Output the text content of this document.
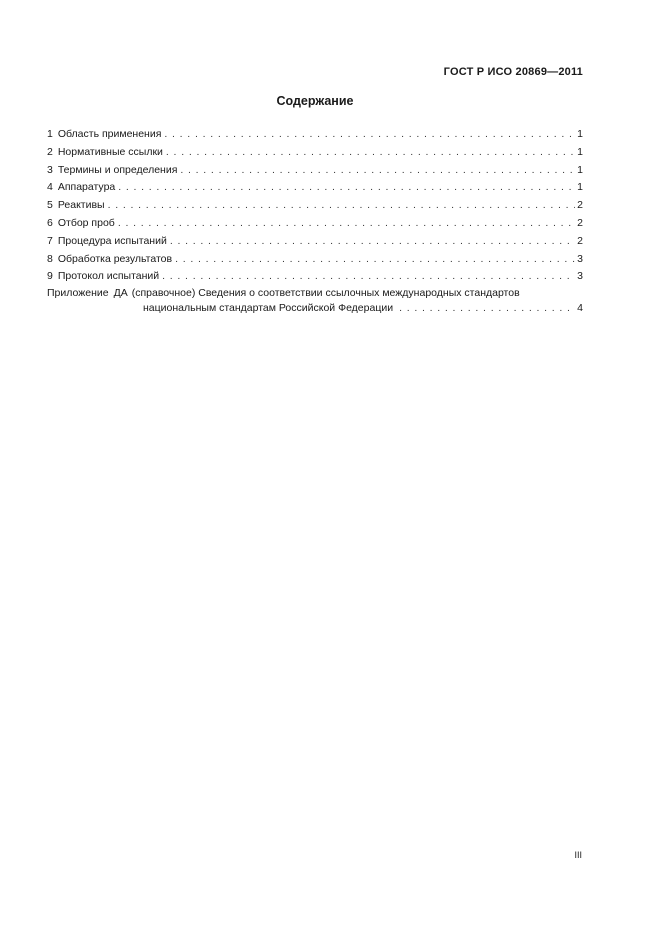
ГОСТ Р ИСО 20869—2011
Содержание
1 Область применения . . .	1
2 Нормативные ссылки . . .	1
3 Термины и определения . . .	1
4 Аппаратура . . .	1
5 Реактивы . . .	2
6 Отбор проб . . .	2
7 Процедура испытаний . . .	2
8 Обработка результатов . . .	3
9 Протокол испытаний . . .	3
Приложение ДА (справочное) Сведения о соответствии ссылочных международных стандартов
национальным стандартам Российской Федерации . . .	4
III
